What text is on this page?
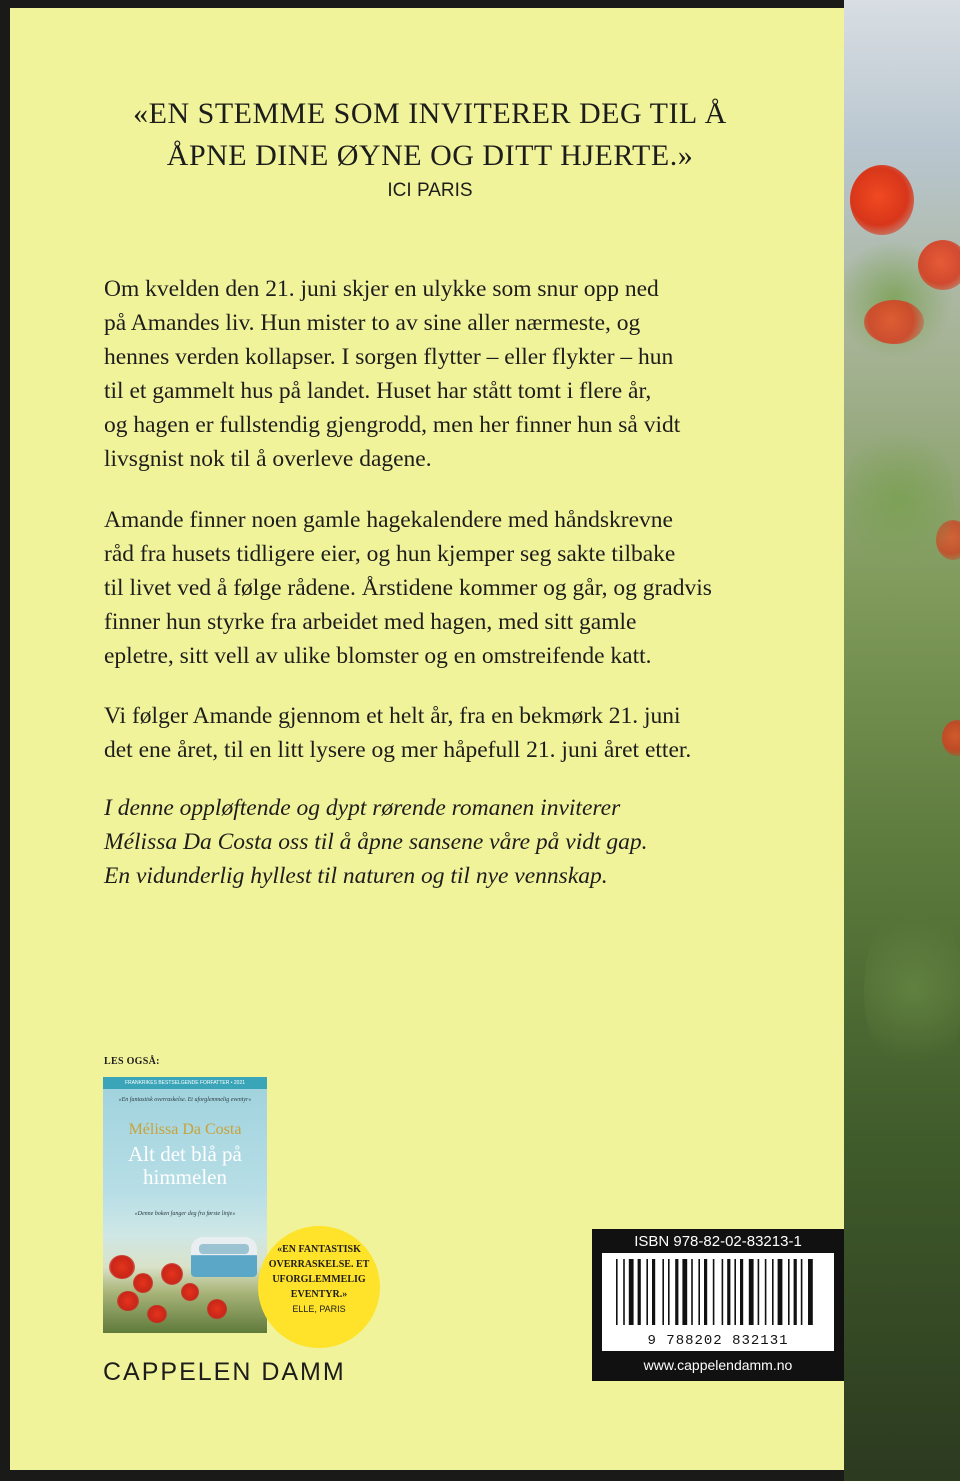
«EN STEMME SOM INVITERER DEG TIL Å
ÅPNE DINE ØYNE OG DITT HJERTE.»
ICI PARIS
Om kvelden den 21. juni skjer en ulykke som snur opp ned
på Amandes liv. Hun mister to av sine aller nærmeste, og
hennes verden kollapser. I sorgen flytter – eller flykter – hun
til et gammelt hus på landet. Huset har stått tomt i flere år,
og hagen er fullstendig gjengrodd, men her finner hun så vidt
livsgnist nok til å overleve dagene.
Amande finner noen gamle hagekalendere med håndskrevne
råd fra husets tidligere eier, og hun kjemper seg sakte tilbake
til livet ved å følge rådene. Årstidene kommer og går, og gradvis
finner hun styrke fra arbeidet med hagen, med sitt gamle
epletre, sitt vell av ulike blomster og en omstreifende katt.
Vi følger Amande gjennom et helt år, fra en bekmørk 21. juni
det ene året, til en litt lysere og mer håpefull 21. juni året etter.
I denne oppløftende og dypt rørende romanen inviterer
Mélissa Da Costa oss til å åpne sansene våre på vidt gap.
En vidunderlig hyllest til naturen og til nye vennskap.
LES OGSÅ:
FRANKRIKES BESTSELGENDE FORFATTER • 2021
«En fantastisk overraskelse. Et uforglemmelig eventyr»
Mélissa Da Costa
Alt det blå på
himmelen
«Denne boken fanger deg fra første linje»
«EN FANTASTISK
OVERRASKELSE. ET
UFORGLEMMELIG
EVENTYR.»
ELLE, PARIS
CAPPELEN DAMM
ISBN 978-82-02-83213-1
9 788202 832131
www.cappelendamm.no
